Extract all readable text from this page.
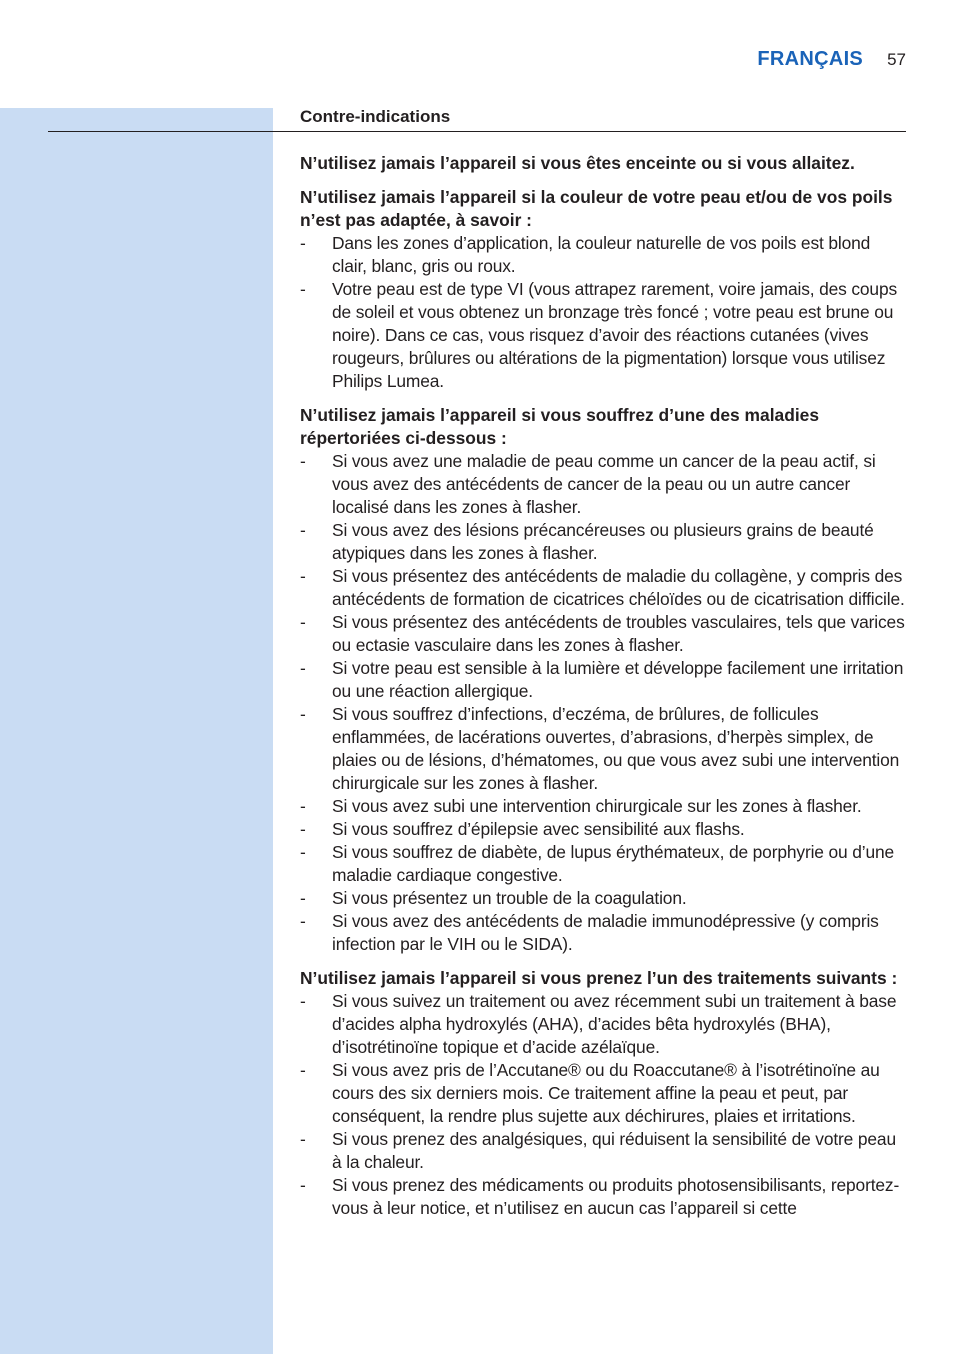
FRANÇAIS 57
Contre-indications
N’utilisez jamais l’appareil si vous êtes enceinte ou si vous allaitez.
N’utilisez jamais l’appareil si la couleur de votre peau et/ou de vos poils n’est pas adaptée, à savoir :
- Dans les zones d’application, la couleur naturelle de vos poils est blond clair, blanc, gris ou roux.
- Votre peau est de type VI (vous attrapez rarement, voire jamais, des coups de soleil et vous obtenez un bronzage très foncé ; votre peau est brune ou noire). Dans ce cas, vous risquez d’avoir des réactions cutanées (vives rougeurs, brûlures ou altérations de la pigmentation) lorsque vous utilisez Philips Lumea.
N’utilisez jamais l’appareil si vous souffrez d’une des maladies répertoriées ci-dessous :
- Si vous avez une maladie de peau comme un cancer de la peau actif, si vous avez des antécédents de cancer de la peau ou un autre cancer localisé dans les zones à flasher.
- Si vous avez des lésions précancéreuses ou plusieurs grains de beauté atypiques dans les zones à flasher.
- Si vous présentez des antécédents de maladie du collagène, y compris des antécédents de formation de cicatrices chéloïdes ou de cicatrisation difficile.
- Si vous présentez des antécédents de troubles vasculaires, tels que varices ou ectasie vasculaire dans les zones à flasher.
- Si votre peau est sensible à la lumière et développe facilement une irritation ou une réaction allergique.
- Si vous souffrez d’infections, d’eczéma, de brûlures, de follicules enflammées, de lacérations ouvertes, d’abrasions, d’herpès simplex, de plaies ou de lésions, d’hématomes, ou que vous avez subi une intervention chirurgicale sur les zones à flasher.
- Si vous avez subi une intervention chirurgicale sur les zones à flasher.
- Si vous souffrez d’épilepsie avec sensibilité aux flashs.
- Si vous souffrez de diabète, de lupus érythémateux, de porphyrie ou d’une maladie cardiaque congestive.
- Si vous présentez un trouble de la coagulation.
- Si vous avez des antécédents de maladie immunodépressive (y compris infection par le VIH ou le SIDA).
N’utilisez jamais l’appareil si vous prenez l’un des traitements suivants :
- Si vous suivez un traitement ou avez récemment subi un traitement à base d’acides alpha hydroxylés (AHA), d’acides bêta hydroxylés (BHA), d’isotrétinoïne topique et d’acide azélaïque.
- Si vous avez pris de l’Accutane® ou du Roaccutane® à l’isotrétinoïne au cours des six derniers mois. Ce traitement affine la peau et peut, par conséquent, la rendre plus sujette aux déchirures, plaies et irritations.
- Si vous prenez des analgésiques, qui réduisent la sensibilité de votre peau à la chaleur.
- Si vous prenez des médicaments ou produits photosensibilisants, reportez-vous à leur notice, et n’utilisez en aucun cas l’appareil si cette
